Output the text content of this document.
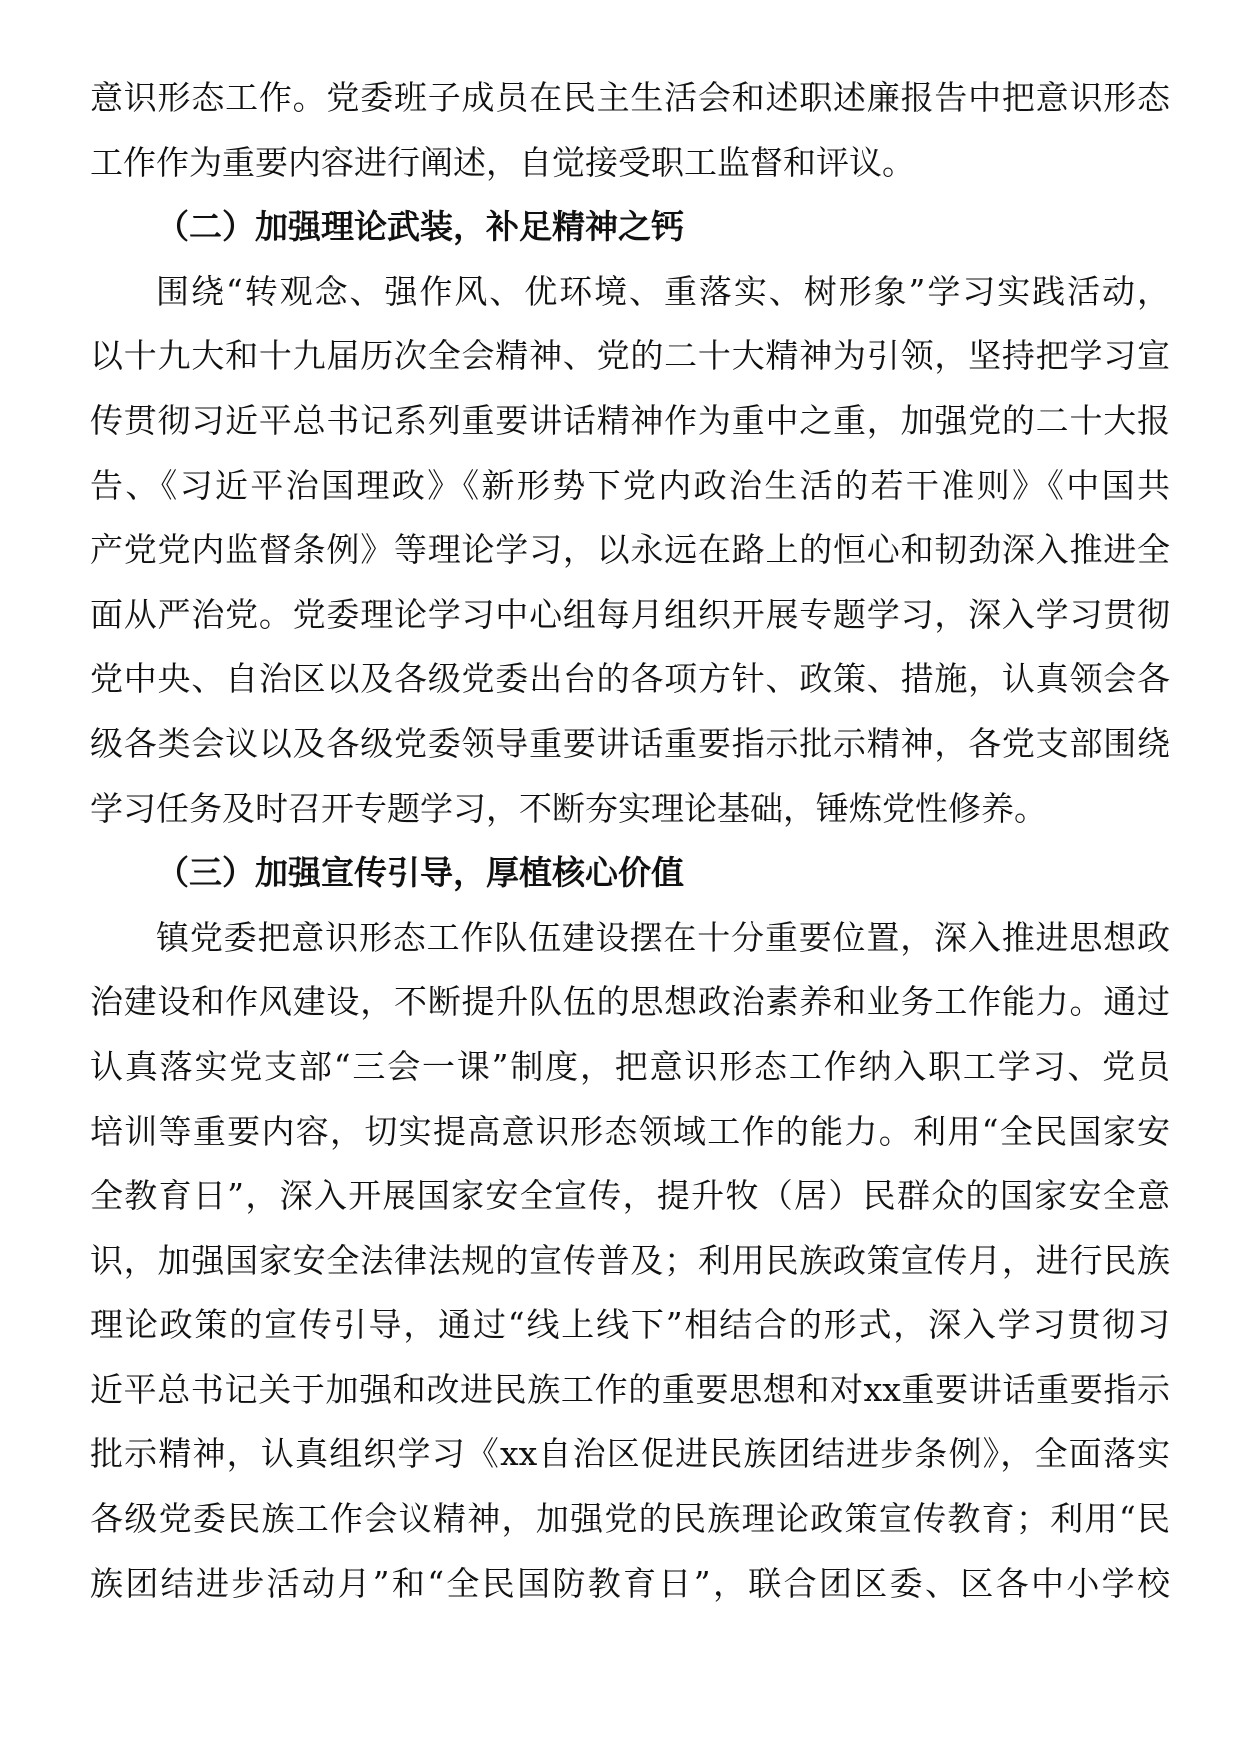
意识形态工作。党委班子成员在民主生活会和述职述廉报告中把意识形态
工作作为重要内容进行阐述，自觉接受职工监督和评议。
（二）加强理论武装，补足精神之钙
围绕“转观念、强作风、优环境、重落实、树形象”学习实践活动，
以十九大和十九届历次全会精神、党的二十大精神为引领，坚持把学习宣
传贯彻习近平总书记系列重要讲话精神作为重中之重，加强党的二十大报
告、《习近平治国理政》《新形势下党内政治生活的若干准则》《中国共
产党党内监督条例》等理论学习，以永远在路上的恒心和韧劲深入推进全
面从严治党。党委理论学习中心组每月组织开展专题学习，深入学习贯彻
党中央、自治区以及各级党委出台的各项方针、政策、措施，认真领会各
级各类会议以及各级党委领导重要讲话重要指示批示精神，各党支部围绕
学习任务及时召开专题学习，不断夯实理论基础，锤炼党性修养。
（三）加强宣传引导，厚植核心价值
镇党委把意识形态工作队伍建设摆在十分重要位置，深入推进思想政
治建设和作风建设，不断提升队伍的思想政治素养和业务工作能力。通过
认真落实党支部“三会一课”制度，把意识形态工作纳入职工学习、党员
培训等重要内容，切实提高意识形态领域工作的能力。利用“全民国家安
全教育日”，深入开展国家安全宣传，提升牧（居）民群众的国家安全意
识，加强国家安全法律法规的宣传普及；利用民族政策宣传月，进行民族
理论政策的宣传引导，通过“线上线下”相结合的形式，深入学习贯彻习
近平总书记关于加强和改进民族工作的重要思想和对xx重要讲话重要指示
批示精神，认真组织学习《xx自治区促进民族团结进步条例》，全面落实
各级党委民族工作会议精神，加强党的民族理论政策宣传教育；利用“民
族团结进步活动月”和“全民国防教育日”，联合团区委、区各中小学校
